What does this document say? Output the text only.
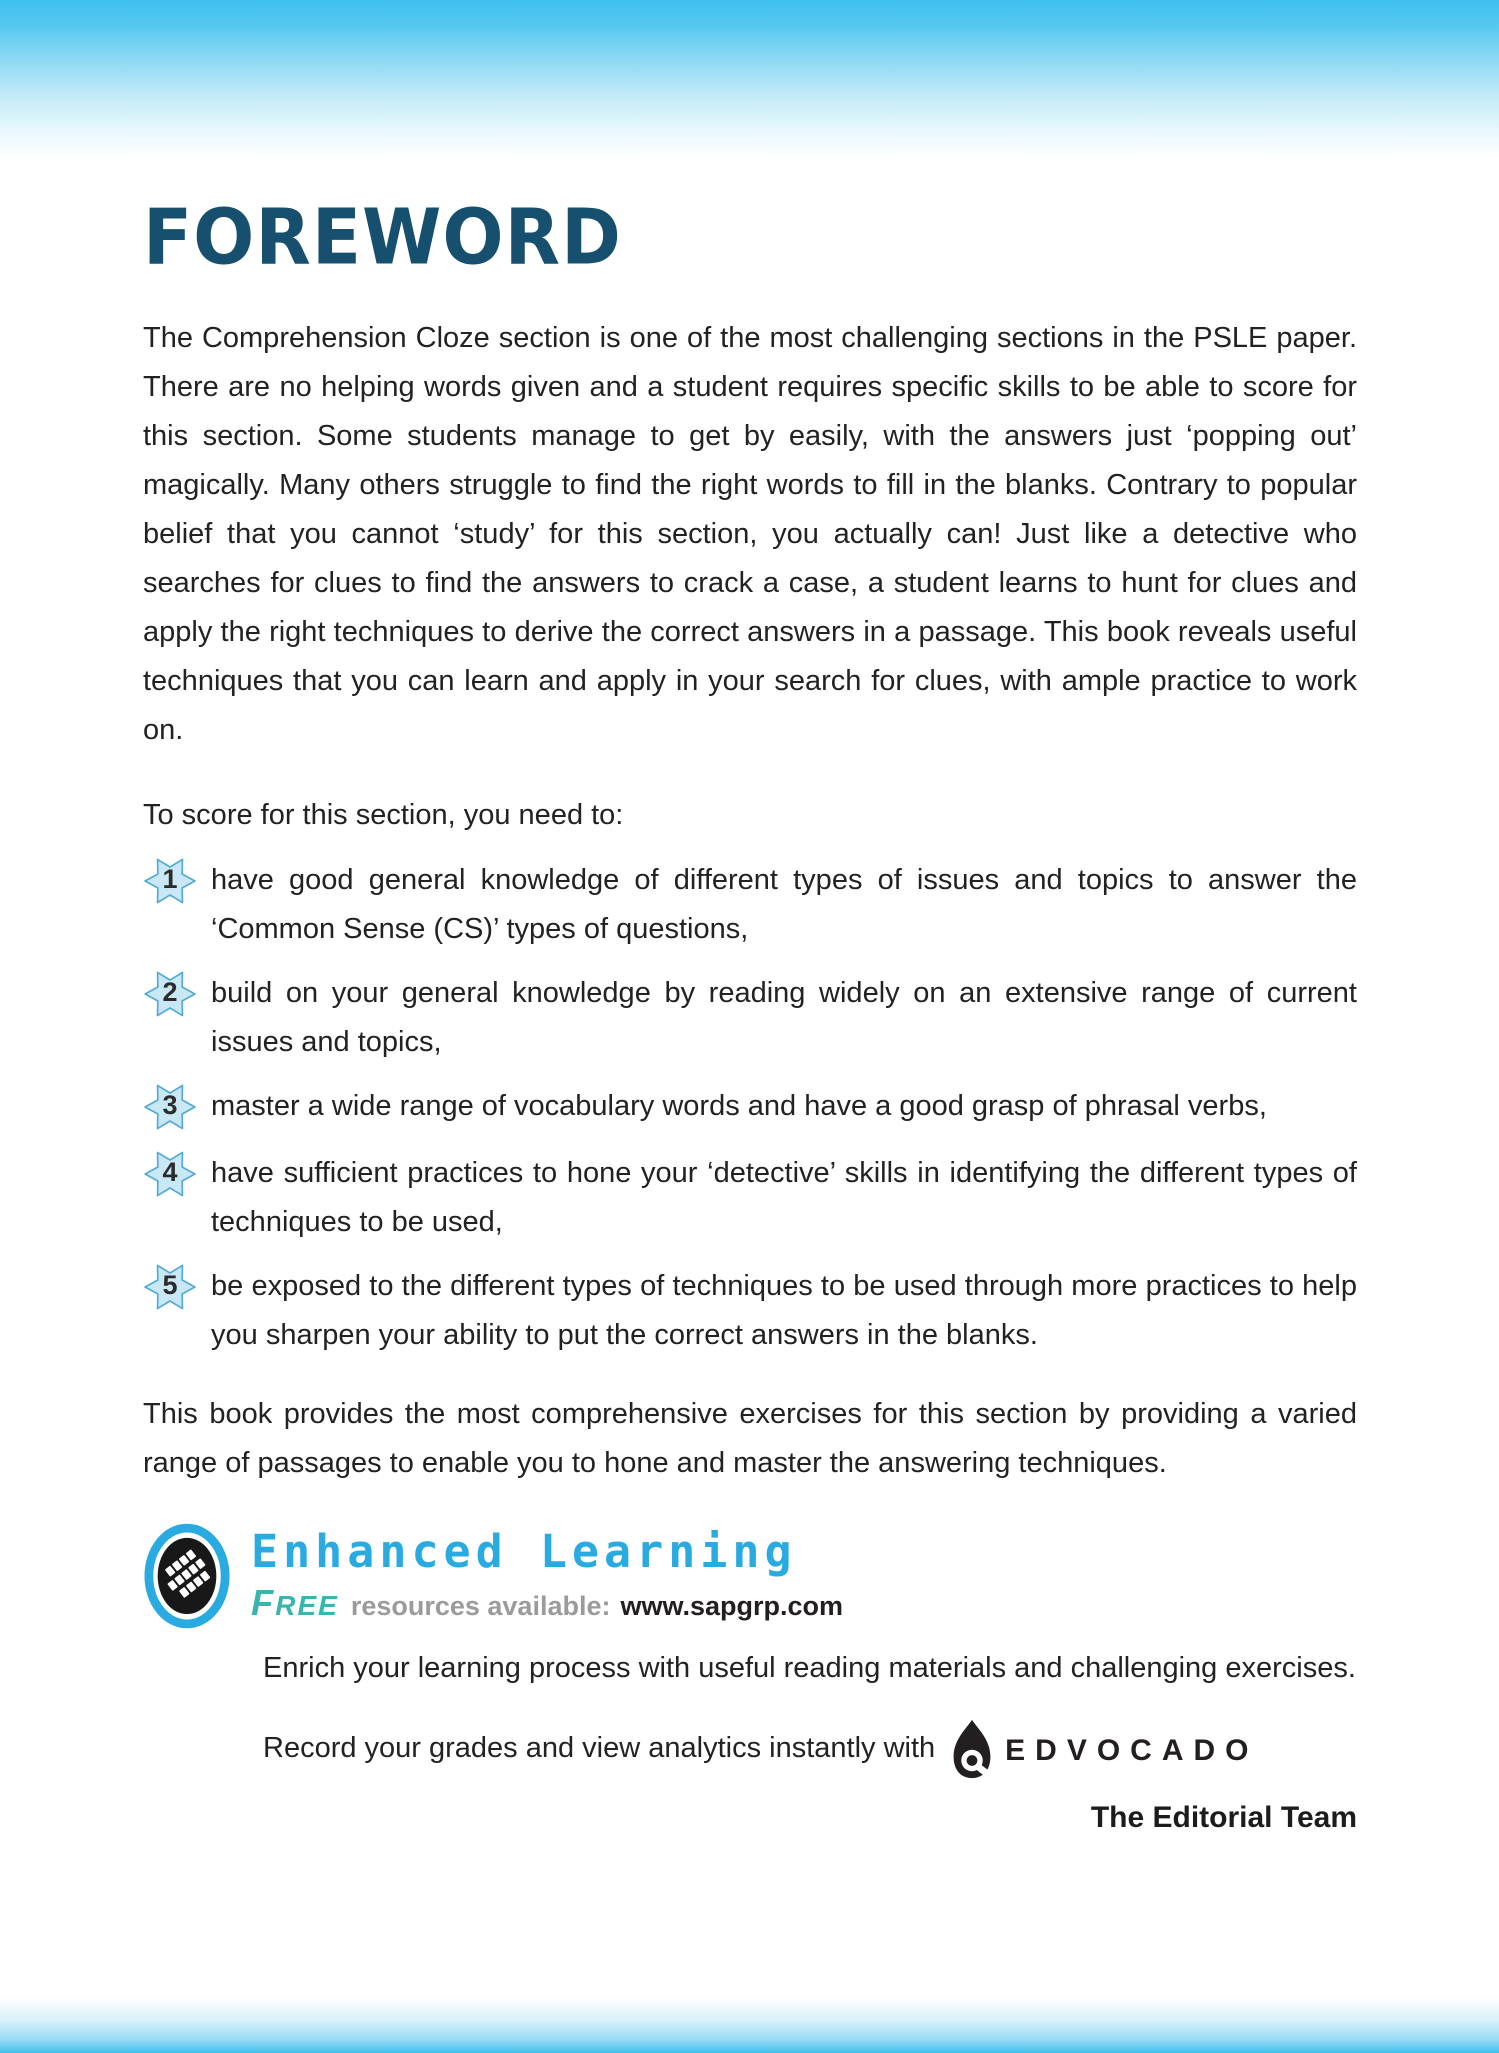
FOREWORD

The Comprehension Cloze section is one of the most challenging sections in the PSLE paper. There are no helping words given and a student requires specific skills to be able to score for this section. Some students manage to get by easily, with the answers just ‘popping out’ magically. Many others struggle to find the right words to fill in the blanks. Contrary to popular belief that you cannot ‘study’ for this section, you actually can! Just like a detective who searches for clues to find the answers to crack a case, a student learns to hunt for clues and apply the right techniques to derive the correct answers in a passage. This book reveals useful techniques that you can learn and apply in your search for clues, with ample practice to work on.

To score for this section, you need to:

1	have good general knowledge of different types of issues and topics to answer the ‘Common Sense (CS)’ types of questions,
2	build on your general knowledge by reading widely on an extensive range of current issues and topics,
3	master a wide range of vocabulary words and have a good grasp of phrasal verbs,
4	have sufficient practices to hone your ‘detective’ skills in identifying the different types of techniques to be used,
5	be exposed to the different types of techniques to be used through more practices to help you sharpen your ability to put the correct answers in the blanks.

This book provides the most comprehensive exercises for this section by providing a varied range of passages to enable you to hone and master the answering techniques.

Enhanced Learning
FREE resources available: www.sapgrp.com

Enrich your learning process with useful reading materials and challenging exercises.

Record your grades and view analytics instantly with EDVOCADO
The Editorial Team
